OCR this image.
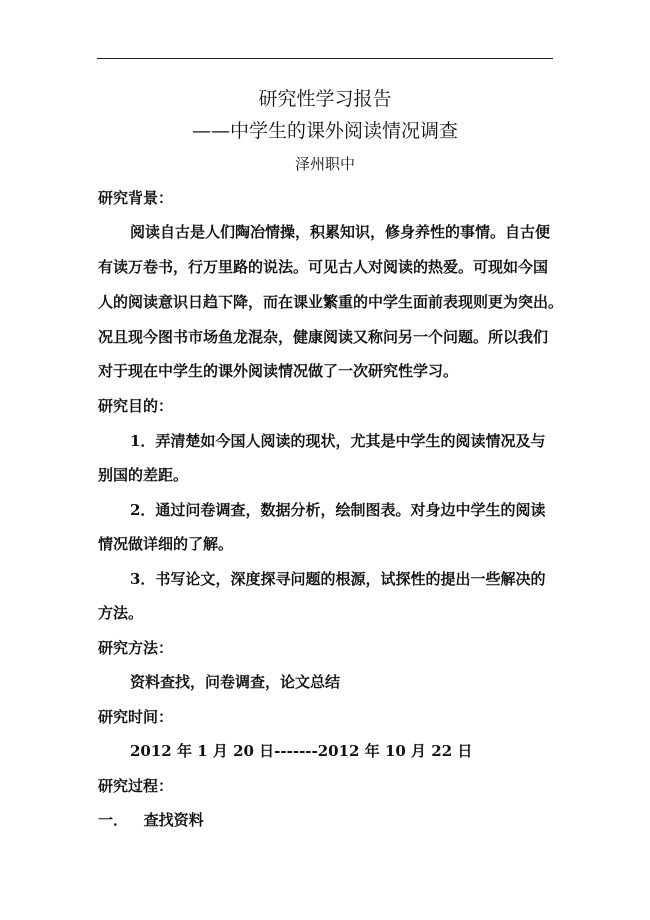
研究性学习报告
——中学生的课外阅读情况调查
泽州职中
研究背景：
阅读自古是人们陶冶情操，积累知识，修身养性的事情。自古便
有读万卷书，行万里路的说法。可见古人对阅读的热爱。可现如今国
人的阅读意识日趋下降，而在课业繁重的中学生面前表现则更为突出。
况且现今图书市场鱼龙混杂，健康阅读又称问另一个问题。所以我们
对于现在中学生的课外阅读情况做了一次研究性学习。
研究目的：
1．弄清楚如今国人阅读的现状，尤其是中学生的阅读情况及与
别国的差距。
2．通过问卷调查，数据分析，绘制图表。对身边中学生的阅读
情况做详细的了解。
3．书写论文，深度探寻问题的根源，试探性的提出一些解决的
方法。
研究方法：
资料查找，问卷调查，论文总结
研究时间：
2012 年 1 月 20 日-------2012 年 10 月 22 日
研究过程：
一．   查找资料
